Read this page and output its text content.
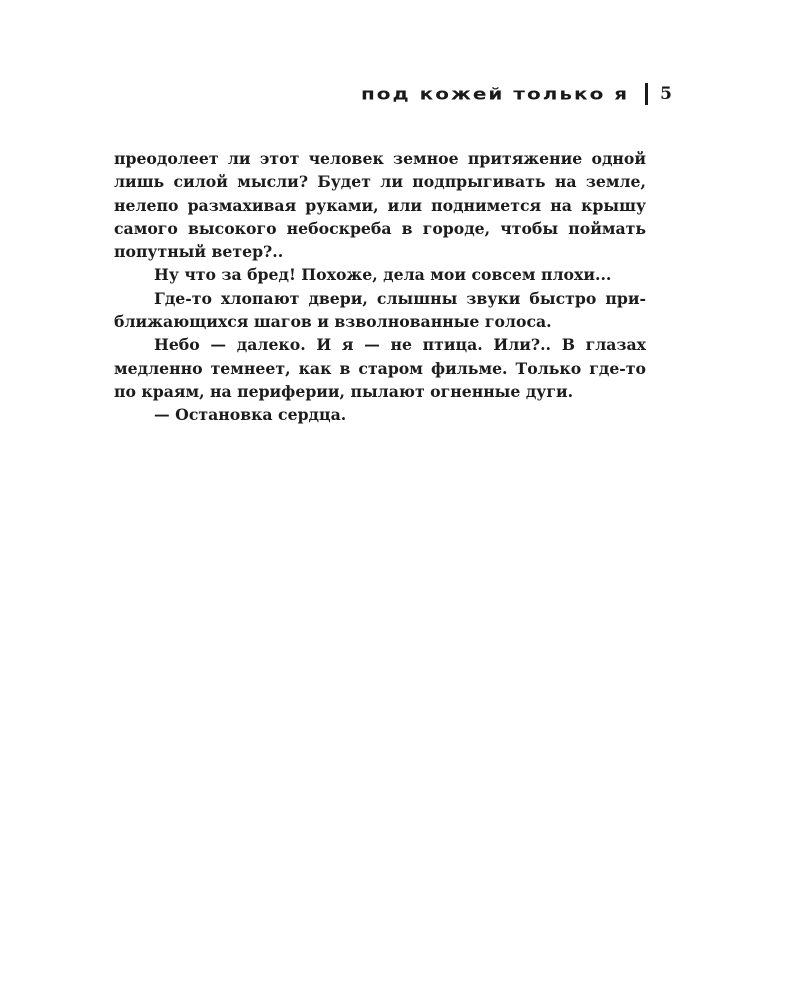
под кожей только я 5

преодолеет ли этот человек земное притяжение одной лишь силой мысли? Будет ли подпрыгивать на земле, нелепо размахивая руками, или поднимется на крышу самого высокого небоскреба в городе, чтобы поймать попутный ветер?..

Ну что за бред! Похоже, дела мои совсем плохи...

Где-то хлопают двери, слышны звуки быстро приближающихся шагов и взволнованные голоса.

Небо — далеко. И я — не птица. Или?.. В глазах медленно темнеет, как в старом фильме. Только где-то по краям, на периферии, пылают огненные дуги.

— Остановка сердца.
